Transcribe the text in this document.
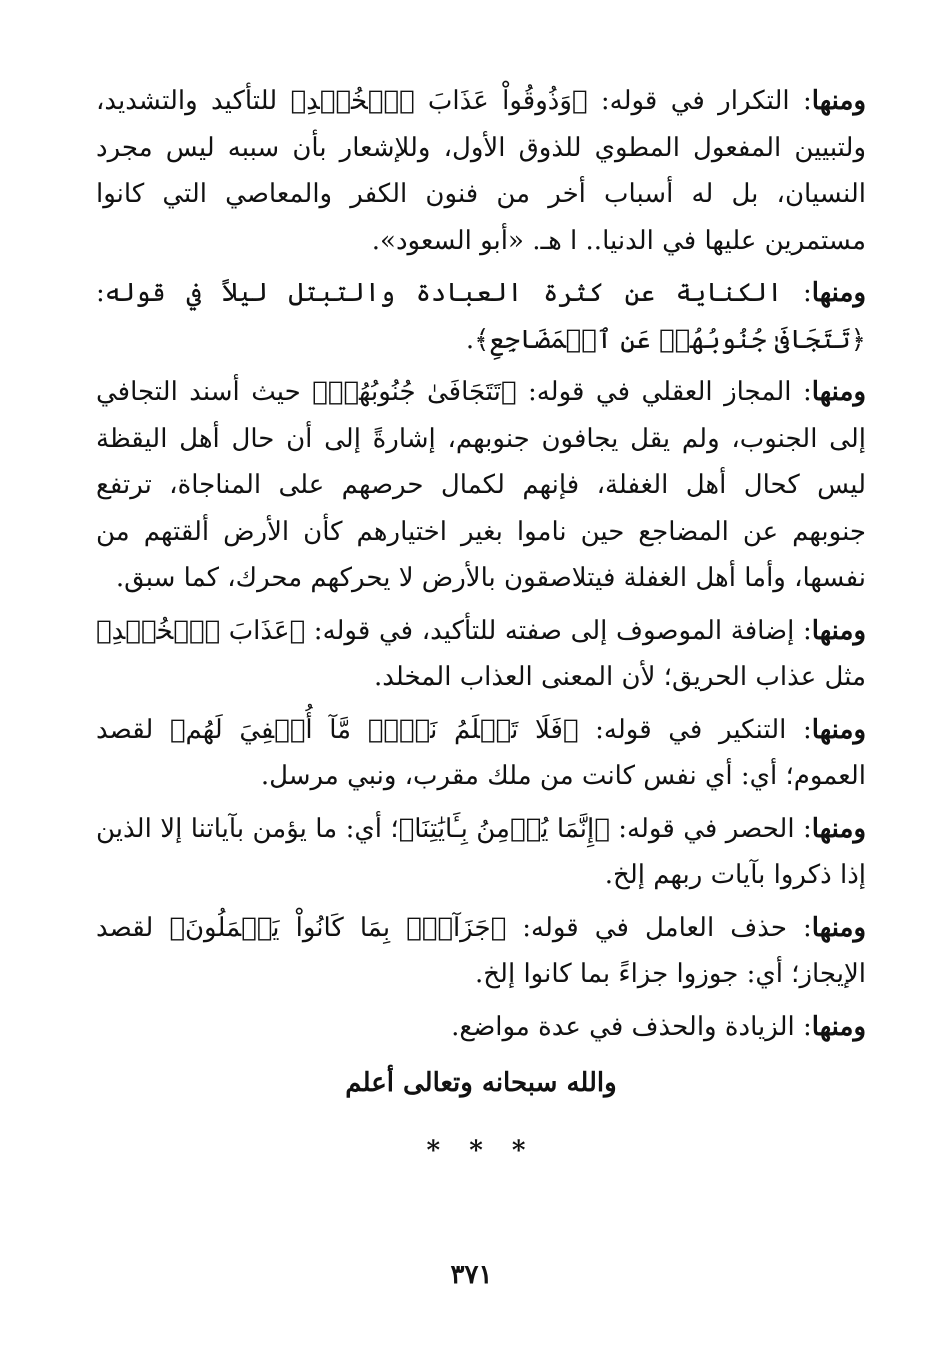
ومنها: التكرار في قوله: ﴿وَذُوقُواْ عَذَابَ ٱلۡخُلۡدِ﴾ للتأكيد والتشديد، ولتبيين المفعول المطوي للذوق الأول، وللإشعار بأن سببه ليس مجرد النسيان، بل له أسباب أخر من فنون الكفر والمعاصي التي كانوا مستمرين عليها في الدنيا.. ا هـ. «أبو السعود».

ومنها: الكناية عن كثرة العبادة والتبتل ليلاً في قوله: ﴿تَتَجَافَىٰ جُنُوبُهُمۡ عَنِ ٱلۡمَضَاجِعِ﴾.

ومنها: المجاز العقلي في قوله: ﴿تَتَجَافَىٰ جُنُوبُهُمۡ﴾ حيث أسند التجافي إلى الجنوب، ولم يقل يجافون جنوبهم، إشارةً إلى أن حال أهل اليقظة ليس كحال أهل الغفلة، فإنهم لكمال حرصهم على المناجاة، ترتفع جنوبهم عن المضاجع حين ناموا بغير اختيارهم كأن الأرض ألقتهم من نفسها، وأما أهل الغفلة فيتلاصقون بالأرض لا يحركهم محرك، كما سبق.

ومنها: إضافة الموصوف إلى صفته للتأكيد، في قوله: ﴿عَذَابَ ٱلۡخُلۡدِ﴾ مثل عذاب الحريق؛ لأن المعنى العذاب المخلد.

ومنها: التنكير في قوله: ﴿فَلَا تَعۡلَمُ نَفۡسٞ مَّآ أُخۡفِيَ لَهُم﴾ لقصد العموم؛ أي: أي نفس كانت من ملك مقرب، ونبي مرسل.

ومنها: الحصر في قوله: ﴿إِنَّمَا يُؤۡمِنُ بِـَٔايَٰتِنَا﴾؛ أي: ما يؤمن بآياتنا إلا الذين إذا ذكروا بآيات ربهم إلخ.

ومنها: حذف العامل في قوله: ﴿جَزَآءَۢ بِمَا كَانُواْ يَعۡمَلُونَ﴾ لقصد الإيجاز؛ أي: جوزوا جزاءً بما كانوا إلخ.

ومنها: الزيادة والحذف في عدة مواضع.

والله سبحانه وتعالى أعلم
* * *
٣٧١
